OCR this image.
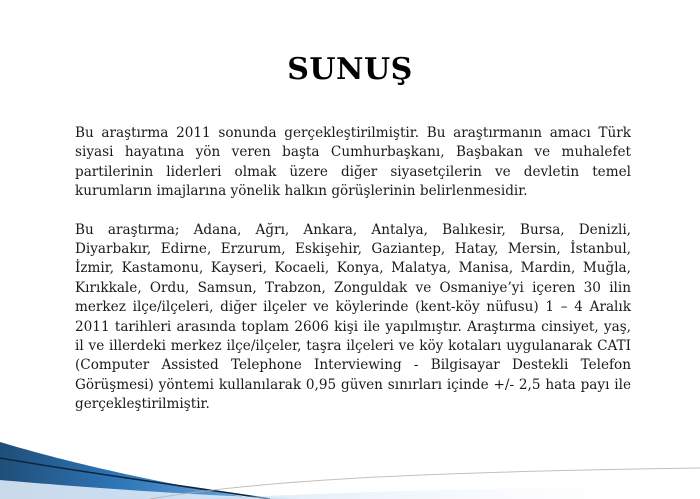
SUNUŞ

Bu araştırma 2011 sonunda gerçekleştirilmiştir. Bu araştırmanın amacı Türk siyasi hayatına yön veren başta Cumhurbaşkanı, Başbakan ve muhalefet partilerinin liderleri olmak üzere diğer siyasetçilerin ve devletin temel kurumların imajlarına yönelik halkın görüşlerinin belirlenmesidir.

Bu araştırma; Adana, Ağrı, Ankara, Antalya, Balıkesir, Bursa, Denizli, Diyarbakır, Edirne, Erzurum, Eskişehir, Gaziantep, Hatay, Mersin, İstanbul, İzmir, Kastamonu, Kayseri, Kocaeli, Konya, Malatya, Manisa, Mardin, Muğla, Kırıkkale, Ordu, Samsun, Trabzon, Zonguldak ve Osmaniye’yi içeren 30 ilin merkez ilçe/ilçeleri, diğer ilçeler ve köylerinde (kent-köy nüfusu) 1 – 4 Aralık 2011 tarihleri arasında toplam 2606 kişi ile yapılmıştır. Araştırma cinsiyet, yaş, il ve illerdeki merkez ilçe/ilçeler, taşra ilçeleri ve köy kotaları uygulanarak CATI (Computer Assisted Telephone Interviewing - Bilgisayar Destekli Telefon Görüşmesi) yöntemi kullanılarak 0,95 güven sınırları içinde +/- 2,5 hata payı ile gerçekleştirilmiştir.
